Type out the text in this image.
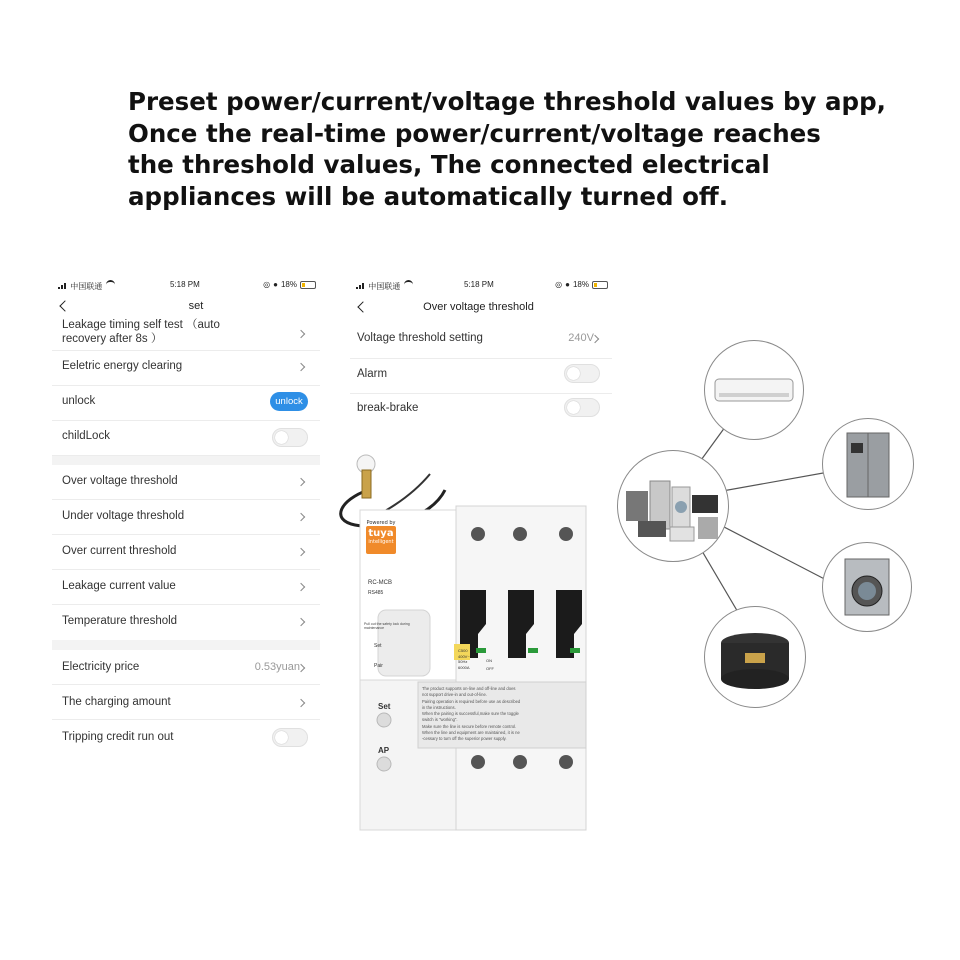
Preset power/current/voltage threshold values by app,
Once the real-time power/current/voltage reaches
the threshold values, The connected electrical
appliances will be automatically turned off.
中国联通	5:18 PM	◎ ● 18%
set
Leakage timing self test （auto
recovery after 8s ）
Eeletric energy clearing
unlock	unlock
childLock
Over voltage threshold
Under voltage threshold
Over current threshold
Leakage current value
Temperature threshold
Electricity price	0.53yuan
The charging amount
Tripping credit run out
中国联通	5:18 PM	◎ ● 18%
Over voltage threshold
Voltage threshold setting	240V
Alarm
break-brake
Powered by
tuya
intelligent
RC-MCB
RS485
Pull out the safety lock during maintenance
Set
Pair
Set
AP
C500
400V~
50Hz
6000A
ON
OFF
The product supports on-line and off-line and does
not support drive-in and out-of-line.
Pairing operation is required before use as described
in the instructions.
When the pairing is successful,make sure the toggle
switch is "working".
Make sure the line is secure before remote control.
When the line and equipment are maintained, it is ne
-cessary to turn off the superior power supply.
